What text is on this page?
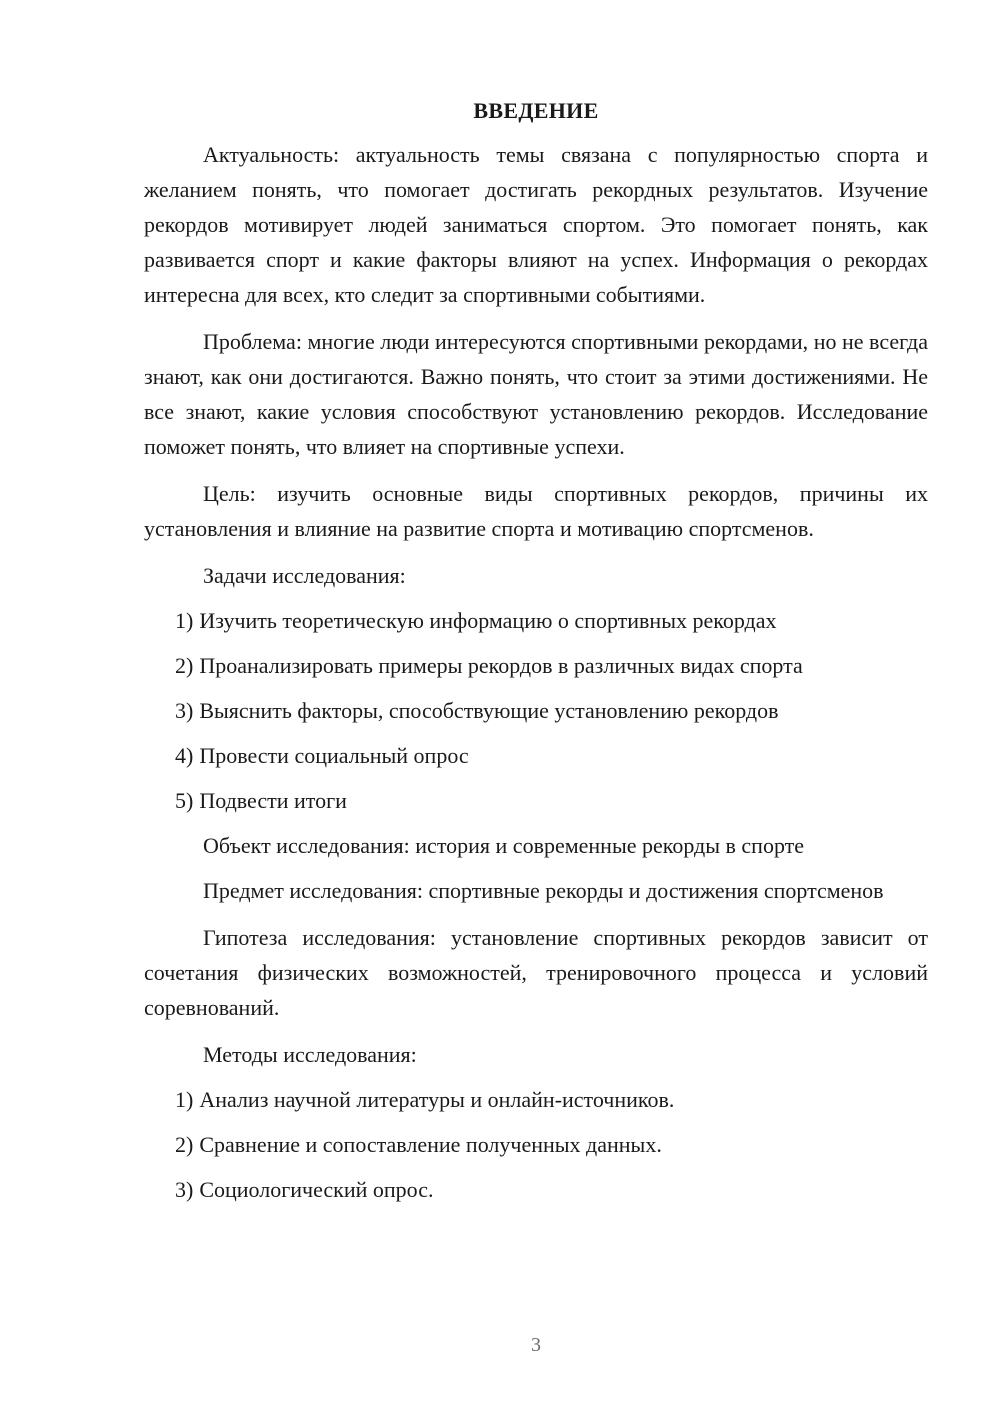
ВВЕДЕНИЕ

Актуальность: актуальность темы связана с популярностью спорта и желанием понять, что помогает достигать рекордных результатов. Изучение рекордов мотивирует людей заниматься спортом. Это помогает понять, как развивается спорт и какие факторы влияют на успех. Информация о рекордах интересна для всех, кто следит за спортивными событиями.

Проблема: многие люди интересуются спортивными рекордами, но не всегда знают, как они достигаются. Важно понять, что стоит за этими достижениями. Не все знают, какие условия способствуют установлению рекордов. Исследование поможет понять, что влияет на спортивные успехи.

Цель: изучить основные виды спортивных рекордов, причины их установления и влияние на развитие спорта и мотивацию спортсменов.

Задачи исследования:
1) Изучить теоретическую информацию о спортивных рекордах
2) Проанализировать примеры рекордов в различных видах спорта
3) Выяснить факторы, способствующие установлению рекордов
4) Провести социальный опрос
5) Подвести итоги
Объект исследования: история и современные рекорды в спорте

Предмет исследования: спортивные рекорды и достижения спортсменов

Гипотеза исследования: установление спортивных рекордов зависит от сочетания физических возможностей, тренировочного процесса и условий соревнований.

Методы исследования:
1) Анализ научной литературы и онлайн-источников.
2) Сравнение и сопоставление полученных данных.
3) Социологический опрос.
3
